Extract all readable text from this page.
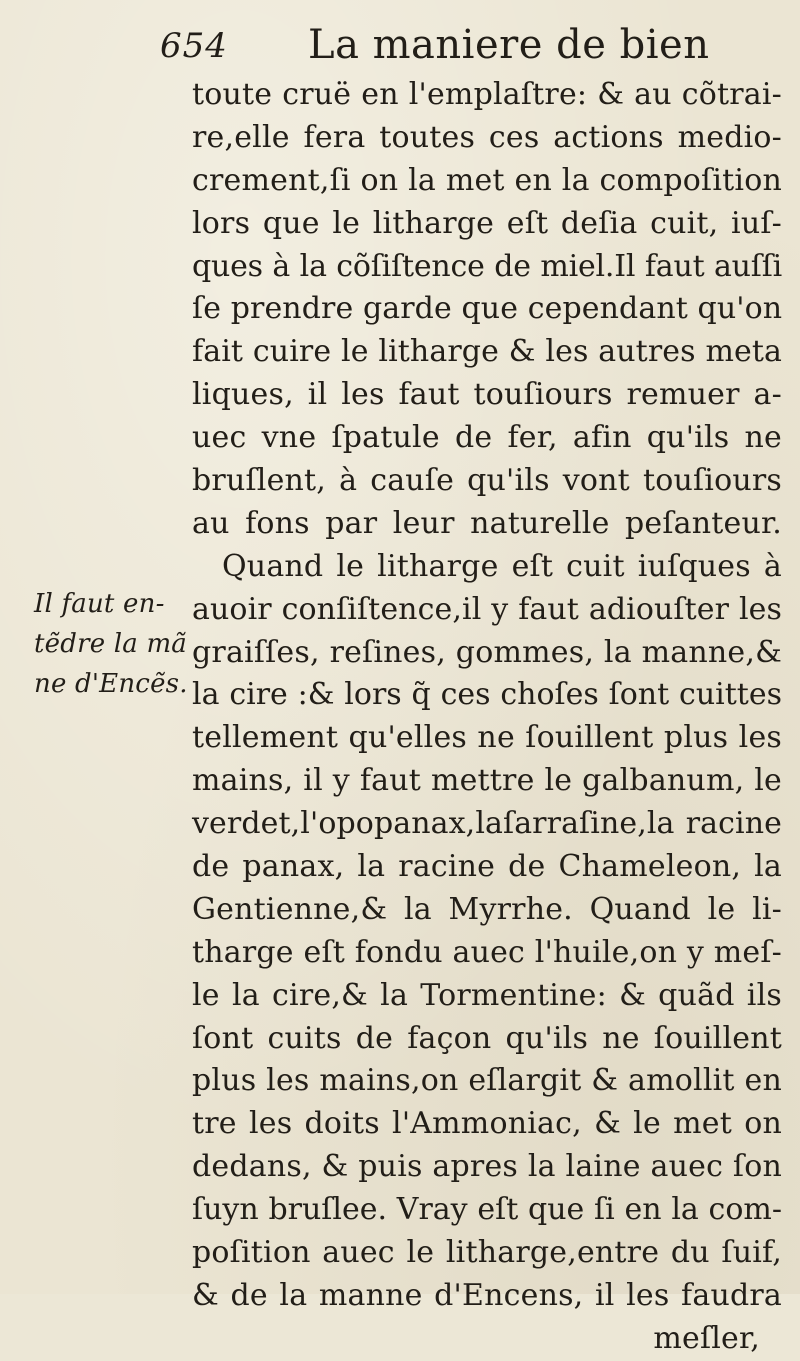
654 La maniere de bien
Il faut en-
tẽdre la mã
ne d'Encẽs.
toute cruë en l'emplaſtre: & au cõtrai-
re,elle fera toutes ces actions medio-
crement,ſi on la met en la compoſition
lors que le litharge eſt deſia cuit, iuſ-
ques à la cõſiſtence de miel.Il faut auſſi
ſe prendre garde que cependant qu'on
fait cuire le litharge & les autres meta
liques, il les faut touſiours remuer a-
uec vne ſpatule de fer, afin qu'ils ne
bruſlent, à cauſe qu'ils vont touſiours
au fons par leur naturelle peſanteur.
Quand le litharge eſt cuit iuſques à
auoir conſiſtence,il y faut adiouſter les
graiſſes, reſines, gommes, la manne,&
la cire :& lors q̃ ces choſes ſont cuittes
tellement qu'elles ne ſouillent plus les
mains, il y faut mettre le galbanum, le
verdet,l'opopanax,laſarraſine,la racine
de panax, la racine de Chameleon, la
Gentienne,& la Myrrhe. Quand le li-
tharge eſt fondu auec l'huile,on y meſ-
le la cire,& la Tormentine: & quãd ils
ſont cuits de façon qu'ils ne ſouillent
plus les mains,on eſlargit & amollit en
tre les doits l'Ammoniac, & le met on
dedans, & puis apres la laine auec ſon
ſuyn bruſlee. Vray eſt que ſi en la com-
poſition auec le litharge,entre du ſuif,
& de la manne d'Encens, il les faudra
meſler,
